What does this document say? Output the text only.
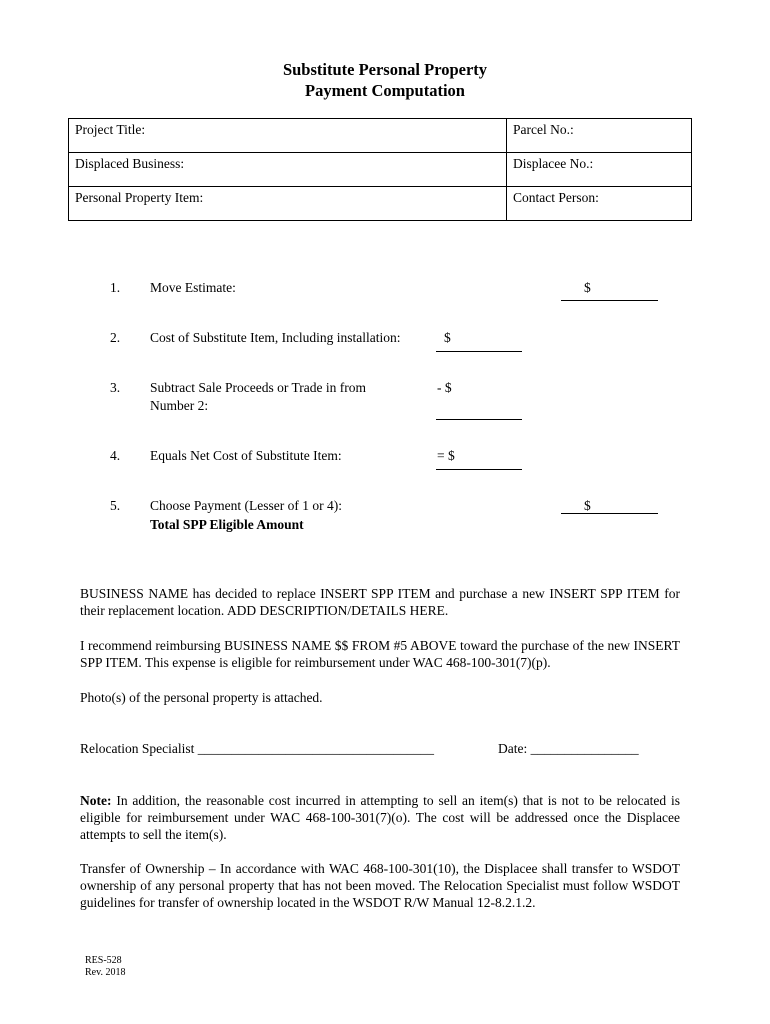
Substitute Personal Property
Payment Computation
Project Title:	Parcel No.:
Displaced Business:	Displacee No.:
Personal Property Item:	Contact Person:
1. Move Estimate:	$
2. Cost of Substitute Item, Including installation:	$
3. Subtract Sale Proceeds or Trade in from
Number 2:
- $
4. Equals Net Cost of Substitute Item:	= $
5. Choose Payment (Lesser of 1 or 4):
Total SPP Eligible Amount
$
BUSINESS NAME has decided to replace INSERT SPP ITEM and purchase a new INSERT SPP ITEM for their replacement location. ADD DESCRIPTION/DETAILS HERE.
I recommend reimbursing BUSINESS NAME $$ FROM #5 ABOVE toward the purchase of the new INSERT SPP ITEM. This expense is eligible for reimbursement under WAC 468-100-301(7)(p).
Photo(s) of the personal property is attached.
Relocation Specialist ___________________________________	Date: ________________
Note: In addition, the reasonable cost incurred in attempting to sell an item(s) that is not to be relocated is eligible for reimbursement under WAC 468-100-301(7)(o). The cost will be addressed once the Displacee attempts to sell the item(s).
Transfer of Ownership – In accordance with WAC 468-100-301(10), the Displacee shall transfer to WSDOT ownership of any personal property that has not been moved. The Relocation Specialist must follow WSDOT guidelines for transfer of ownership located in the WSDOT R/W Manual 12-8.2.1.2.
RES-528
Rev. 2018
